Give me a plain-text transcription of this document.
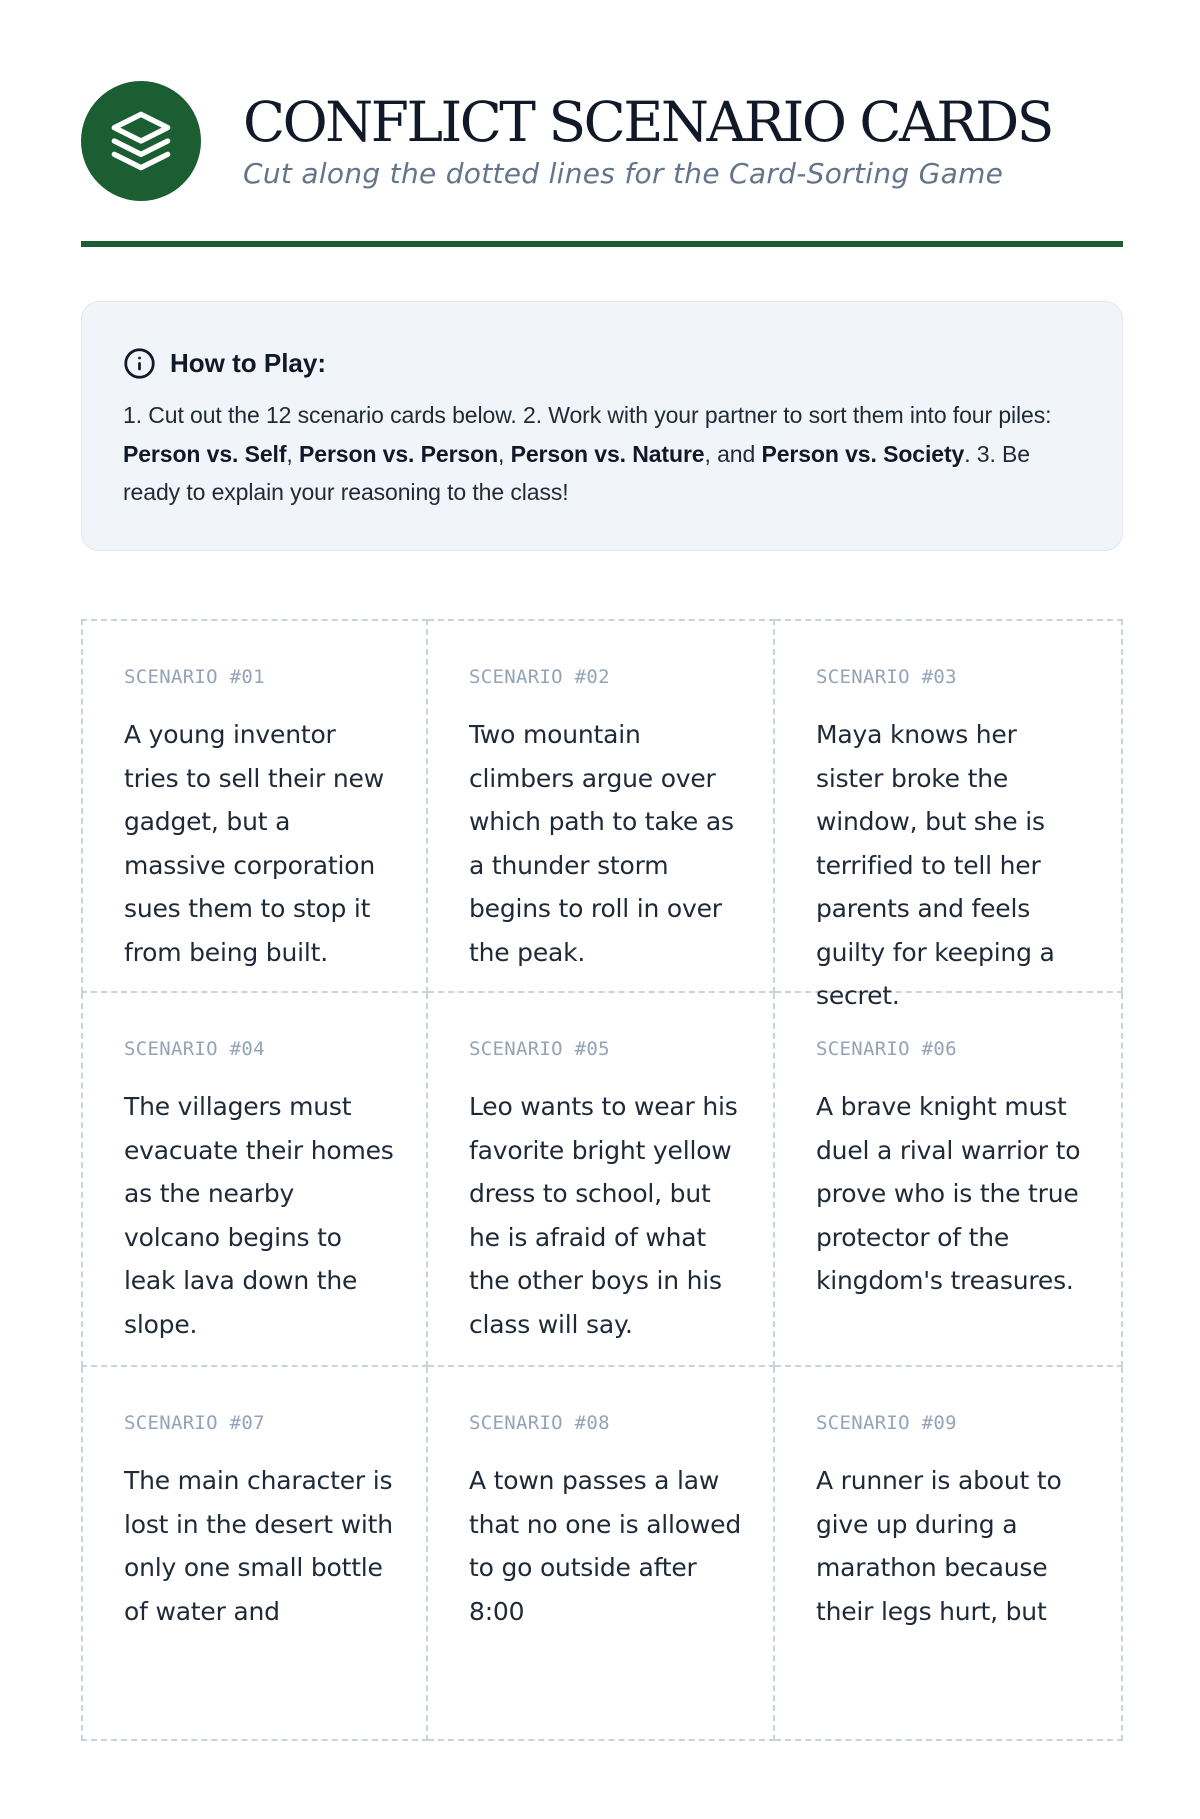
CONFLICT SCENARIO CARDS
Cut along the dotted lines for the Card-Sorting Game
How to Play:

1. Cut out the 12 scenario cards below. 2. Work with your partner to sort them into four piles: Person vs. Self, Person vs. Person, Person vs. Nature, and Person vs. Society. 3. Be ready to explain your reasoning to the class!

SCENARIO #01

A young inventor tries to sell their new gadget, but a massive corporation sues them to stop it from being built.

SCENARIO #02

Two mountain climbers argue over which path to take as a thunder storm begins to roll in over the peak.

SCENARIO #03

Maya knows her sister broke the window, but she is terrified to tell her parents and feels guilty for keeping a secret.

SCENARIO #04

The villagers must evacuate their homes as the nearby volcano begins to leak lava down the slope.

SCENARIO #05

Leo wants to wear his favorite bright yellow dress to school, but he is afraid of what the other boys in his class will say.

SCENARIO #06

A brave knight must duel a rival warrior to prove who is the true protector of the kingdom's treasures.

SCENARIO #07

The main character is lost in the desert with only one small bottle of water and

SCENARIO #08

A town passes a law that no one is allowed to go outside after 8:00

SCENARIO #09

A runner is about to give up during a marathon because their legs hurt, but
